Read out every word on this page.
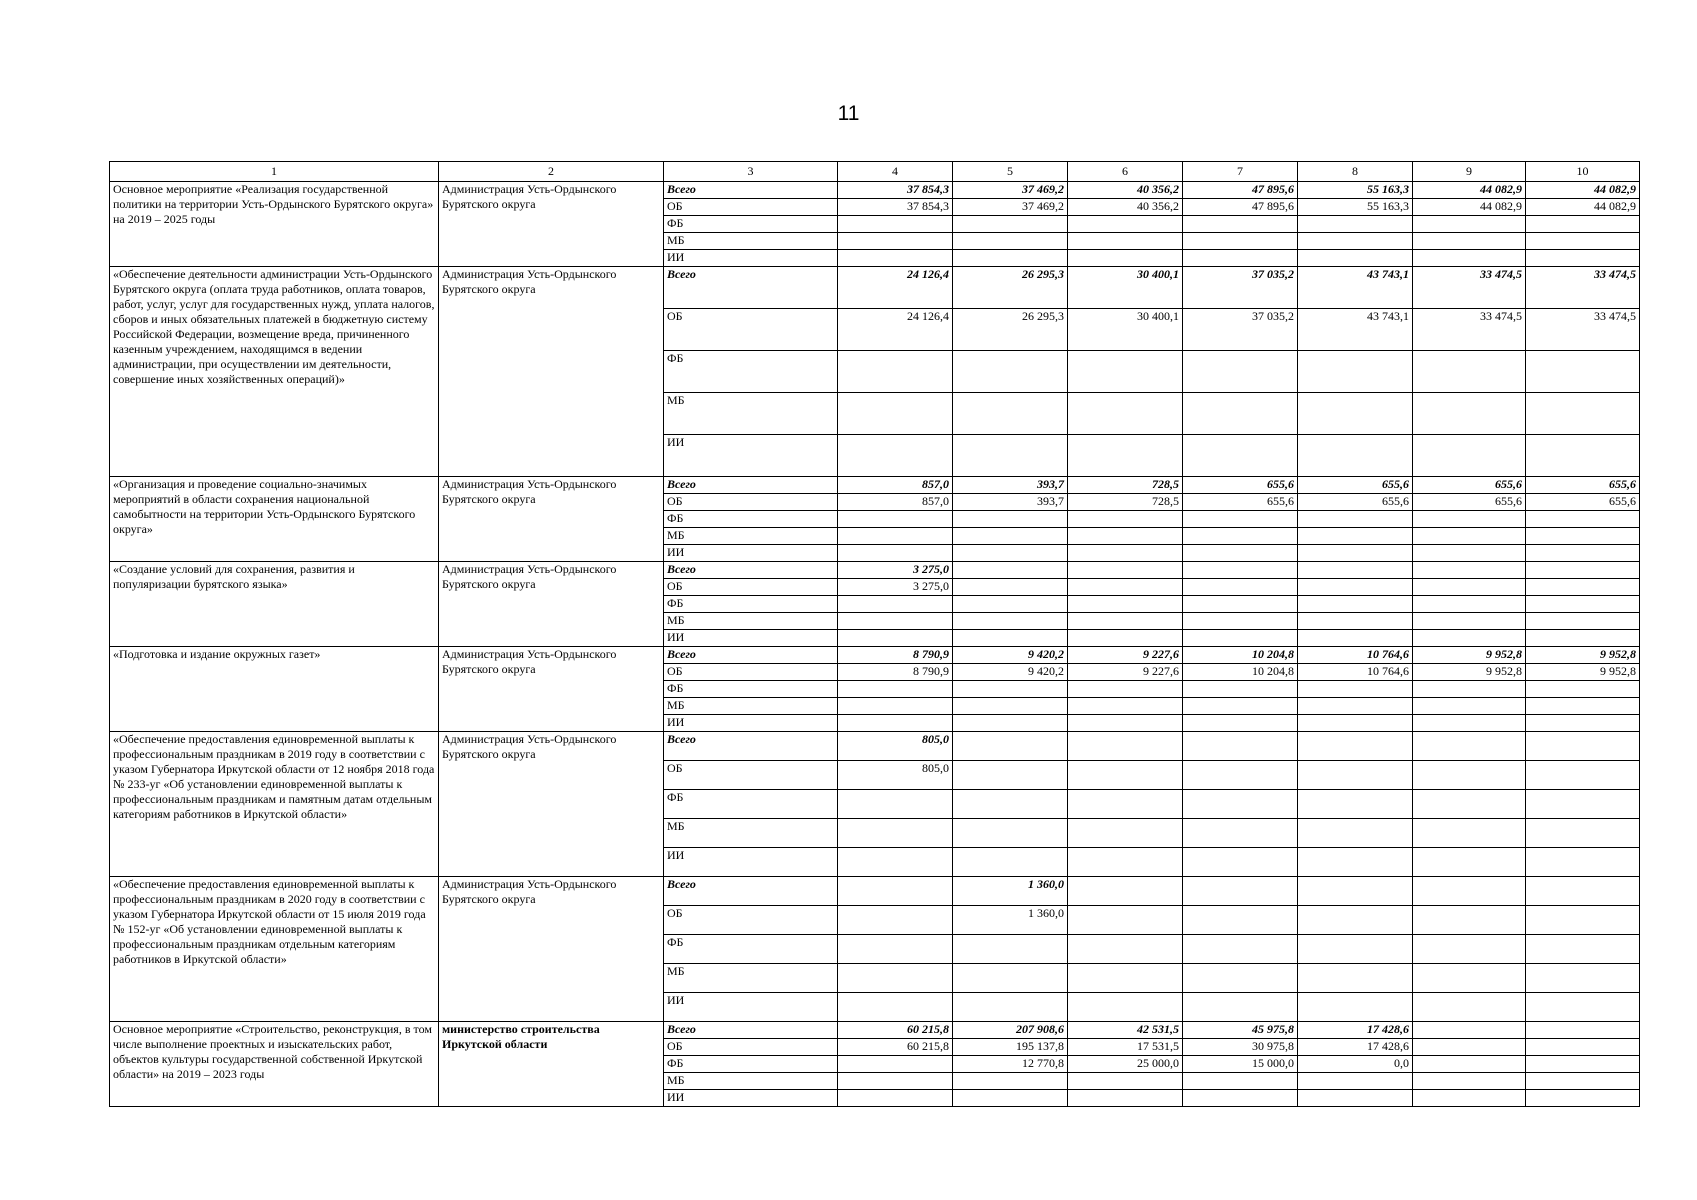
11
1	2	3	4	5	6	7	8	9	10
Основное мероприятие «Реализация государственной политики на территории Усть-Ордынского Бурятского округа» на 2019 – 2025 годы	Администрация Усть-Ордынского Бурятского округа	Всего	37 854,3	37 469,2	40 356,2	47 895,6	55 163,3	44 082,9	44 082,9
		ОБ	37 854,3	37 469,2	40 356,2	47 895,6	55 163,3	44 082,9	44 082,9
		ФБ							
		МБ							
		ИИ							
«Обеспечение деятельности администрации Усть-Ордынского Бурятского округа (оплата труда работников, оплата товаров, работ, услуг, услуг для государственных нужд, уплата налогов, сборов и иных обязательных платежей в бюджетную систему Российской Федерации, возмещение вреда, причиненного казенным учреждением, находящимся в ведении администрации, при осуществлении им деятельности, совершение иных хозяйственных операций)»	Администрация Усть-Ордынского Бурятского округа	Всего	24 126,4	26 295,3	30 400,1	37 035,2	43 743,1	33 474,5	33 474,5
		ОБ	24 126,4	26 295,3	30 400,1	37 035,2	43 743,1	33 474,5	33 474,5
		ФБ							
		МБ							
		ИИ							
«Организация и проведение социально-значимых мероприятий в области сохранения национальной самобытности на территории Усть-Ордынского Бурятского округа»	Администрация Усть-Ордынского Бурятского округа	Всего	857,0	393,7	728,5	655,6	655,6	655,6	655,6
		ОБ	857,0	393,7	728,5	655,6	655,6	655,6	655,6
		ФБ							
		МБ							
		ИИ							
«Создание условий для сохранения, развития и популяризации бурятского языка»	Администрация Усть-Ордынского Бурятского округа	Всего	3 275,0						
		ОБ	3 275,0						
		ФБ							
		МБ							
		ИИ							
«Подготовка и издание окружных газет»	Администрация Усть-Ордынского Бурятского округа	Всего	8 790,9	9 420,2	9 227,6	10 204,8	10 764,6	9 952,8	9 952,8
		ОБ	8 790,9	9 420,2	9 227,6	10 204,8	10 764,6	9 952,8	9 952,8
		ФБ							
		МБ							
		ИИ							
«Обеспечение предоставления единовременной выплаты к профессиональным праздникам в 2019 году в соответствии с указом Губернатора Иркутской области от 12 ноября 2018 года № 233-уг «Об установлении единовременной выплаты к профессиональным праздникам и памятным датам отдельным категориям работников в Иркутской области»	Администрация Усть-Ордынского Бурятского округа	Всего	805,0						
		ОБ	805,0						
		ФБ							
		МБ							
		ИИ							
«Обеспечение предоставления единовременной выплаты к профессиональным праздникам в 2020 году в соответствии с указом Губернатора Иркутской области от 15 июля 2019 года № 152-уг «Об установлении единовременной выплаты к профессиональным праздникам отдельным категориям работников в Иркутской области»	Администрация Усть-Ордынского Бурятского округа	Всего		1 360,0					
		ОБ		1 360,0					
		ФБ							
		МБ							
		ИИ							
Основное мероприятие «Строительство, реконструкция, в том числе выполнение проектных и изыскательских работ, объектов культуры государственной собственной Иркутской области» на 2019 – 2023 годы	министерство строительства Иркутской области	Всего	60 215,8	207 908,6	42 531,5	45 975,8	17 428,6		
		ОБ	60 215,8	195 137,8	17 531,5	30 975,8	17 428,6		
		ФБ		12 770,8	25 000,0	15 000,0	0,0		
		МБ							
		ИИ							
